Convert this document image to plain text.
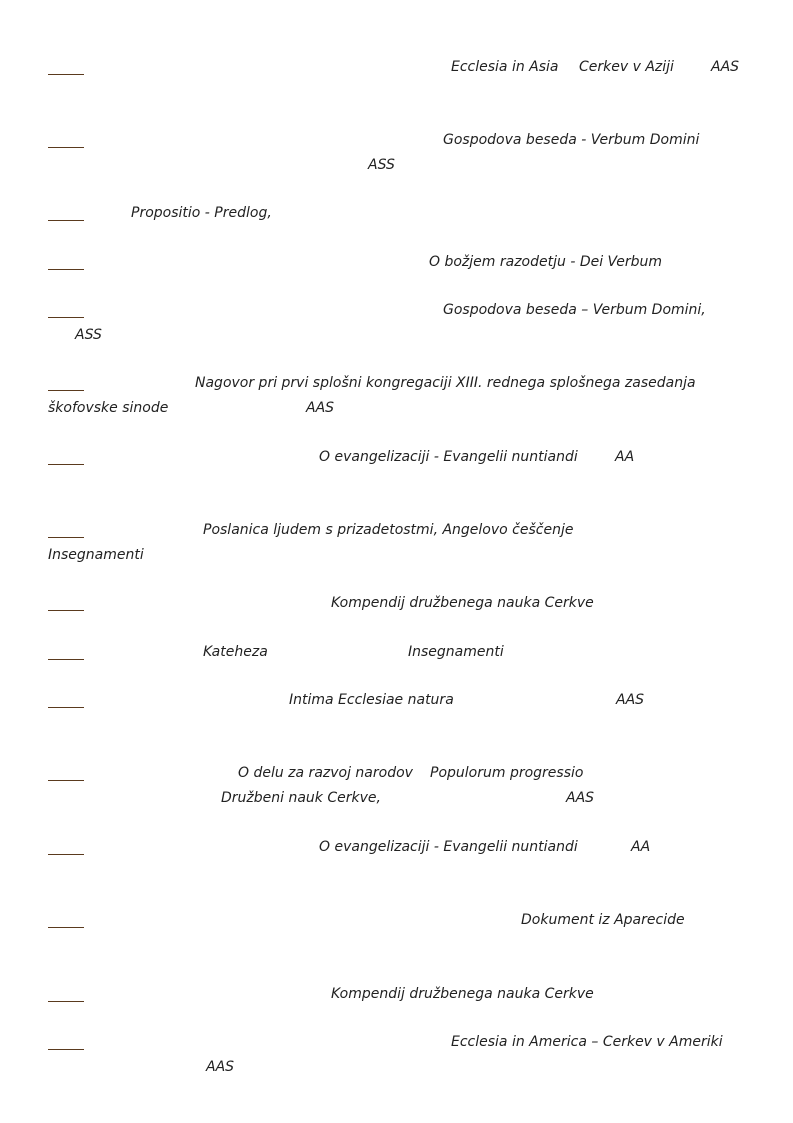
Ecclesia in Asia Cerkev v Aziji	AAS
Gospodova beseda - Verbum Domini
ASS
Propositio - Predlog,
O božjem razodetju - Dei Verbum
Gospodova beseda – Verbum Domini,
ASS
Nagovor pri prvi splošni kongregaciji XIII. rednega splošnega zasedanja
škofovske sinode	AAS
O evangelizaciji - Evangelii nuntiandi	AA
Poslanica ljudem s prizadetostmi, Angelovo češčenje
Insegnamenti
Kompendij družbenega nauka Cerkve
Kateheza	Insegnamenti
Intima Ecclesiae natura	AAS
O delu za razvoj narodov Populorum progressio
Družbeni nauk Cerkve,	AAS
O evangelizaciji - Evangelii nuntiandi	AA
Dokument iz Aparecide
Kompendij družbenega nauka Cerkve
Ecclesia in America – Cerkev v Ameriki
AAS
